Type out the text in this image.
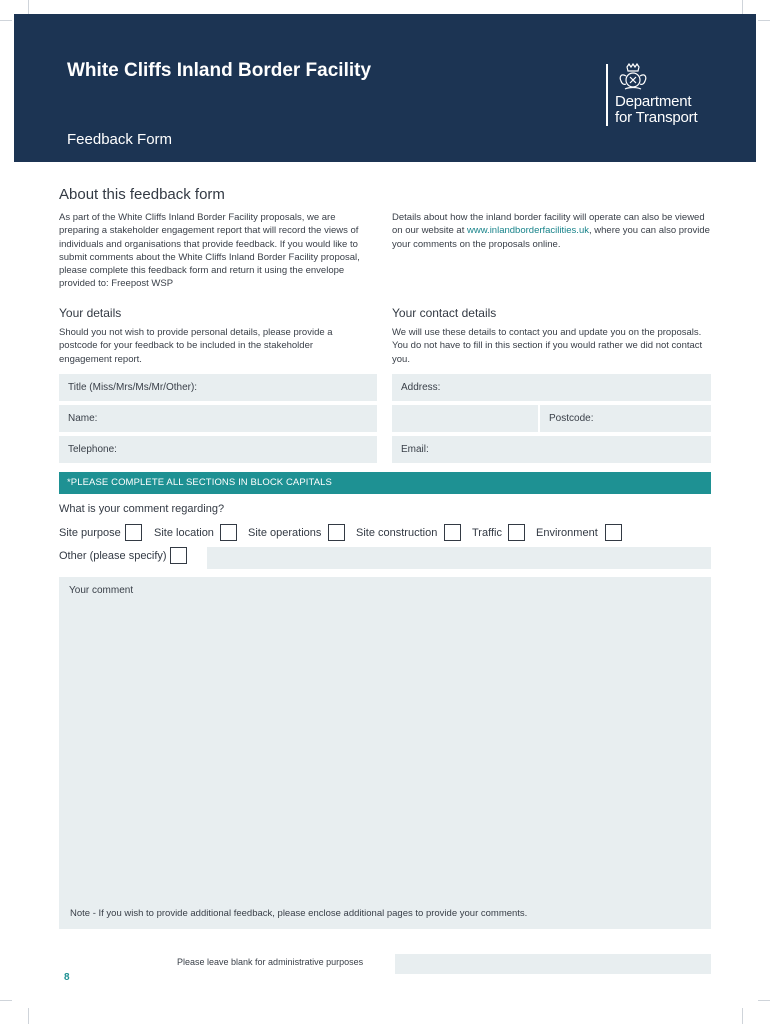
White Cliffs Inland Border Facility
Feedback Form
Department
for Transport
About this feedback form
As part of the White Cliffs Inland Border Facility proposals, we are preparing a stakeholder engagement report that will record the views of individuals and organisations that provide feedback. If you would like to submit comments about the White Cliffs Inland Border Facility proposal, please complete this feedback form and return it using the envelope provided to: Freepost WSP
Details about how the inland border facility will operate can also be viewed on our website at www.inlandborderfacilities.uk, where you can also provide your comments on the proposals online.
Your details
Should you not wish to provide personal details, please provide a postcode for your feedback to be included in the stakeholder engagement report.
Your contact details
We will use these details to contact you and update you on the proposals. You do not have to fill in this section if you would rather we did not contact you.
Title (Miss/Mrs/Ms/Mr/Other):
Name:
Telephone:
Address:
Postcode:
Email:
*PLEASE COMPLETE ALL SECTIONS IN BLOCK CAPITALS
What is your comment regarding?
Site purpose	Site location	Site operations	Site construction	Traffic	Environment
Other (please specify)
Your comment
Note - If you wish to provide additional feedback, please enclose additional pages to provide your comments.
Please leave blank for administrative purposes
8
